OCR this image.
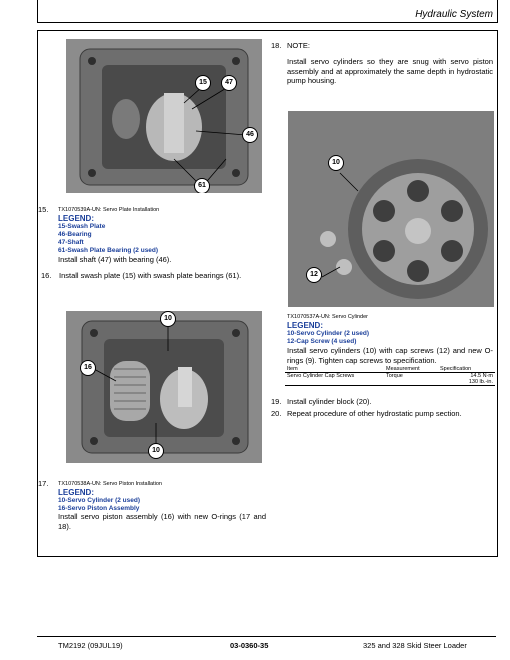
Hydraulic System
15	47
46
61
15. TX1070539A-UN: Servo Plate Installation
LEGEND:
15-Swash Plate
46-Bearing
47-Shaft
61-Swash Plate Bearing (2 used)
Install shaft (47) with bearing (46).
16. Install swash plate (15) with swash plate bearings (61).
10
16
10
17. TX1070538A-UN: Servo Piston Installation
LEGEND:
10-Servo Cylinder (2 used)
16-Servo Piston Assembly
Install servo piston assembly (16) with new O-rings (17 and 18).
18. NOTE:
Install servo cylinders so they are snug with servo piston assembly and at approximately the same depth in hydrostatic pump housing.
10
12
TX1070537A-UN: Servo Cylinder
LEGEND:
10-Servo Cylinder (2 used)
12-Cap Screw (4 used)
Install servo cylinders (10) with cap screws (12) and new O-rings (9). Tighten cap screws to specification.
Item	Measurement	Specification
Servo Cylinder Cap Screws	Torque	14.5 N·m
130 lb.-in.
19. Install cylinder block (20).
20. Repeat procedure of other hydrostatic pump section.
TM2192 (09JUL19)	03-0360-35	325 and 328 Skid Steer Loader
